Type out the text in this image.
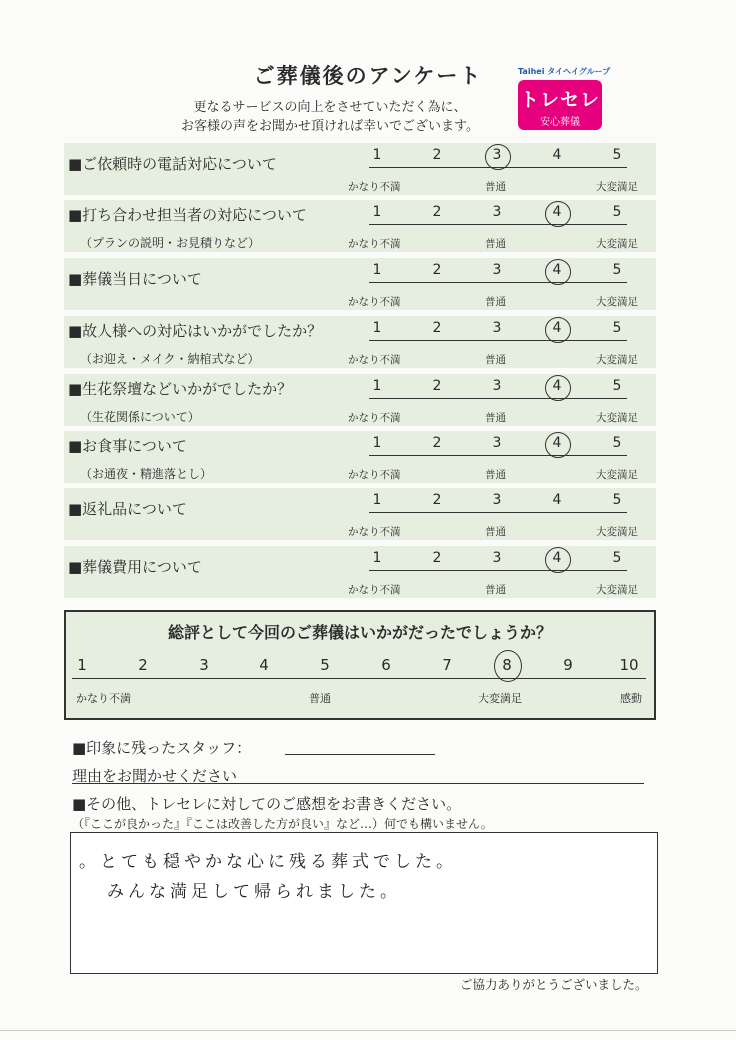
ご葬儀後のアンケート
更なるサービスの向上をさせていただく為に、
お客様の声をお聞かせ頂ければ幸いでございます。
Taihei タイヘイグループ
トレセレ
安心葬儀
■ご依頼時の電話対応について	1	2	3	4	5
かなり不満	普通	大変満足
■打ち合わせ担当者の対応について
（プランの説明・お見積りなど）
1	2	3	4	5
かなり不満	普通	大変満足
■葬儀当日について	1	2	3	4	5
かなり不満	普通	大変満足
■故人様への対応はいかがでしたか？
（お迎え・メイク・納棺式など）
1	2	3	4	5
かなり不満	普通	大変満足
■生花祭壇などいかがでしたか？
（生花関係について）
1	2	3	4	5
かなり不満	普通	大変満足
■お食事について
（お通夜・精進落とし）
1	2	3	4	5
かなり不満	普通	大変満足
■返礼品について	1	2	3	4	5
かなり不満	普通	大変満足
■葬儀費用について	1	2	3	4	5
かなり不満	普通	大変満足
総評として今回のご葬儀はいかがだったでしょうか？
1	2	3	4	5	6	7	8	9	10
かなり不満	普通	大変満足	感動
■印象に残ったスタッフ：
理由をお聞かせください
■その他、トレセレに対してのご感想をお書きください。
（『ここが良かった』『ここは改善した方が良い』など…）何でも構いません。
。とても穏やかな心に残る葬式でした。
みんな満足して帰られました。
ご協力ありがとうございました。
